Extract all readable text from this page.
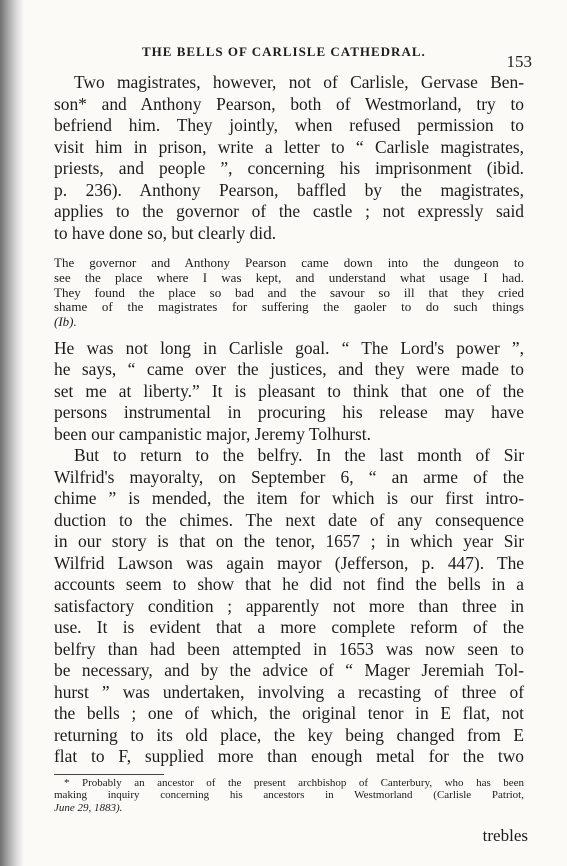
THE BELLS OF CARLISLE CATHEDRAL.
153

Two magistrates, however, not of Carlisle, Gervase Ben-
son* and Anthony Pearson, both of Westmorland, try to
befriend him. They jointly, when refused permission to
visit him in prison, write a letter to “ Carlisle magistrates,
priests, and people ”, concerning his imprisonment (ibid.
p. 236). Anthony Pearson, baffled by the magistrates,
applies to the governor of the castle ; not expressly said
to have done so, but clearly did.

The governor and Anthony Pearson came down into the dungeon to
see the place where I was kept, and understand what usage I had.
They found the place so bad and the savour so ill that they cried
shame of the magistrates for suffering the gaoler to do such things
(Ib).

He was not long in Carlisle goal. “ The Lord's power ”,
he says, “ came over the justices, and they were made to
set me at liberty.” It is pleasant to think that one of the
persons instrumental in procuring his release may have
been our campanistic major, Jeremy Tolhurst.

But to return to the belfry. In the last month of Sir
Wilfrid's mayoralty, on September 6, “ an arme of the
chime ” is mended, the item for which is our first intro-
duction to the chimes. The next date of any consequence
in our story is that on the tenor, 1657 ; in which year Sir
Wilfrid Lawson was again mayor (Jefferson, p. 447). The
accounts seem to show that he did not find the bells in a
satisfactory condition ; apparently not more than three in
use. It is evident that a more complete reform of the
belfry than had been attempted in 1653 was now seen to
be necessary, and by the advice of “ Mager Jeremiah Tol-
hurst ” was undertaken, involving a recasting of three of
the bells ; one of which, the original tenor in E flat, not
returning to its old place, the key being changed from E
flat to F, supplied more than enough metal for the two

* Probably an ancestor of the present archbishop of Canterbury, who has been
making inquiry concerning his ancestors in Westmorland (Carlisle Patriot,
June 29, 1883).
trebles
